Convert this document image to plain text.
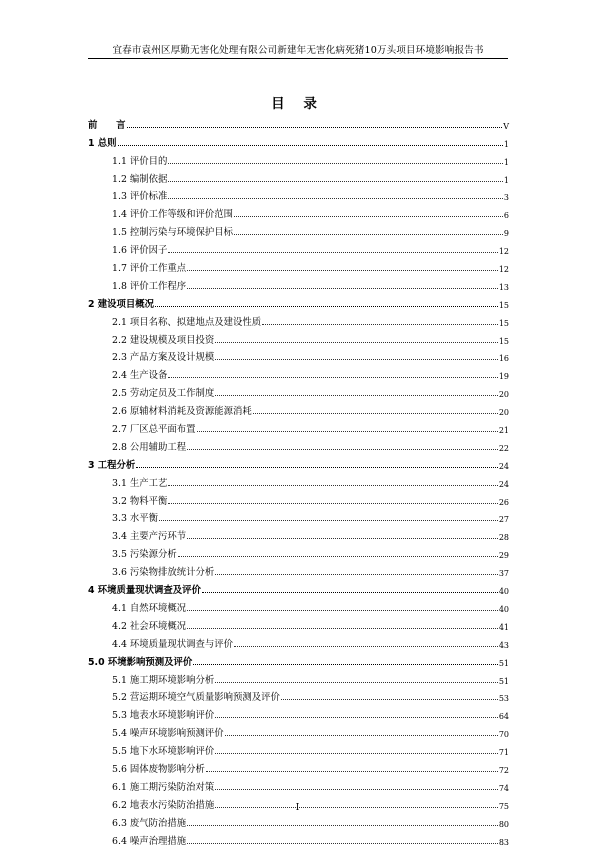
宜春市袁州区厚勤无害化处理有限公司新建年无害化病死猪10万头项目环境影响报告书
目 录
前　　言	V
1 总则	1
1.1 评价目的	1
1.2 编制依据	1
1.3 评价标准	3
1.4 评价工作等级和评价范围	6
1.5 控制污染与环境保护目标	9
1.6 评价因子	12
1.7 评价工作重点	12
1.8 评价工作程序	13
2 建设项目概况	15
2.1 项目名称、拟建地点及建设性质	15
2.2 建设规模及项目投资	15
2.3 产品方案及设计规模	16
2.4 生产设备	19
2.5 劳动定员及工作制度	20
2.6 原辅材料消耗及资源能源消耗	20
2.7 厂区总平面布置	21
2.8 公用辅助工程	22
3 工程分析	24
3.1 生产工艺	24
3.2 物料平衡	26
3.3 水平衡	27
3.4 主要产污环节	28
3.5 污染源分析	29
3.6 污染物排放统计分析	37
4 环境质量现状调查及评价	40
4.1 自然环境概况	40
4.2 社会环境概况	41
4.4 环境质量现状调查与评价	43
5.0 环境影响预测及评价	51
5.1 施工期环境影响分析	51
5.2 营运期环境空气质量影响预测及评价	53
5.3 地表水环境影响评价	64
5.4 噪声环境影响预测评价	70
5.5 地下水环境影响评价	71
5.6 固体废物影响分析	72
6.1 施工期污染防治对策	74
6.2 地表水污染防治措施	75
6.3 废气防治措施	80
6.4 噪声治理措施	83
I
